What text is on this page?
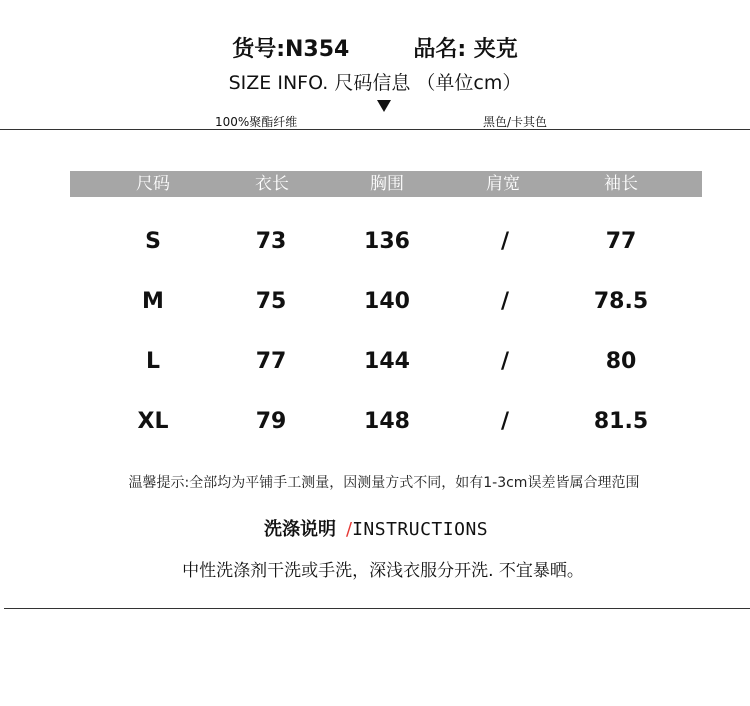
货号:N354	品名: 夹克
SIZE INFO. 尺码信息 （单位cm）
100%聚酯纤维	黑色/卡其色
尺码	衣长	胸围	肩宽	袖长
S	73	136	/	77
M	75	140	/	78.5
L	77	144	/	80
XL	79	148	/	81.5
温馨提示:全部均为平铺手工测量，因测量方式不同，如有1-3cm误差皆属合理范围
洗涤说明 /INSTRUCTIONS
中性洗涤剂干洗或手洗，深浅衣服分开洗. 不宜暴晒。
